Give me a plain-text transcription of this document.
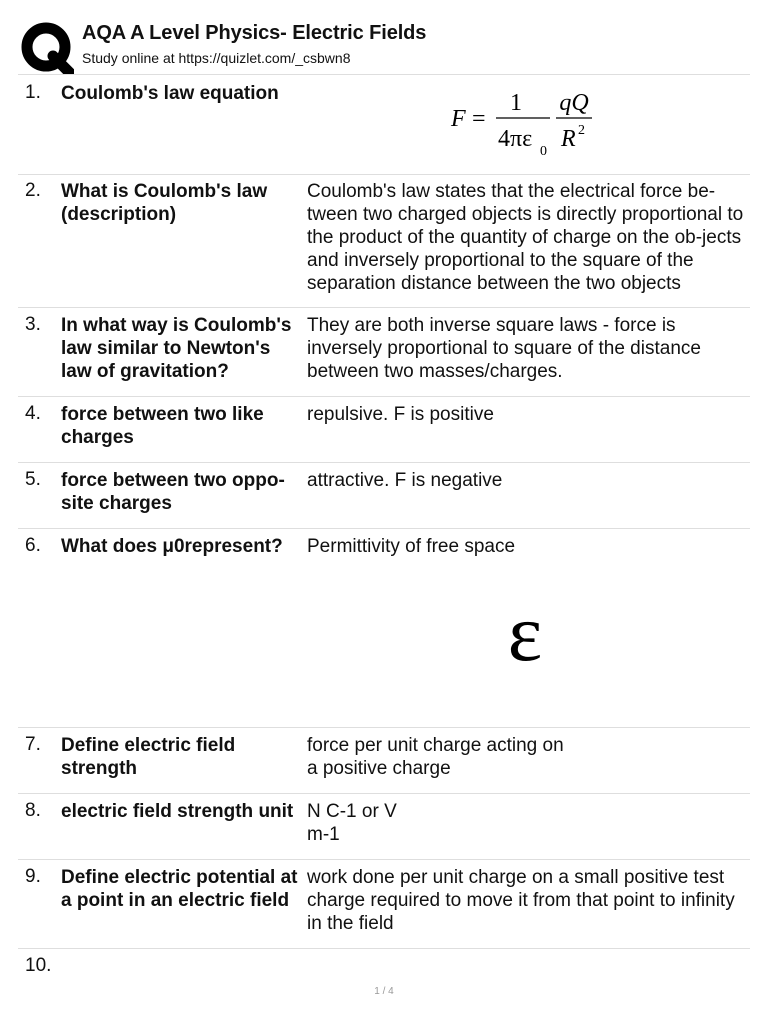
AQA A Level Physics- Electric Fields
Study online at https://quizlet.com/_csbwn8
1. Coulomb's law equation
F =
1
4πε 0
qQ
R 2
2. What is Coulomb's law (description)
Coulomb's law states that the electrical force be-tween two charged objects is directly proportional to the product of the quantity of charge on the ob-jects and inversely proportional to the square of the separation distance between the two objects
3. In what way is Coulomb's law similar to Newton's law of gravitation?
They are both inverse square laws - force is inversely proportional to square of the distance between two masses/charges.
4. force between two like charges
repulsive. F is positive
5. force between two oppo-site charges
attractive. F is negative
6. What does μ0represent?	Permittivity of free space
ε
7. Define electric field strength
force per unit charge acting on a positive charge
8. electric field strength unit N C-1 or V m-1
9. Define electric potential at a point in an electric field
work done per unit charge on a small positive test charge required to move it from that point to infinity in the field
10.
1 / 4
